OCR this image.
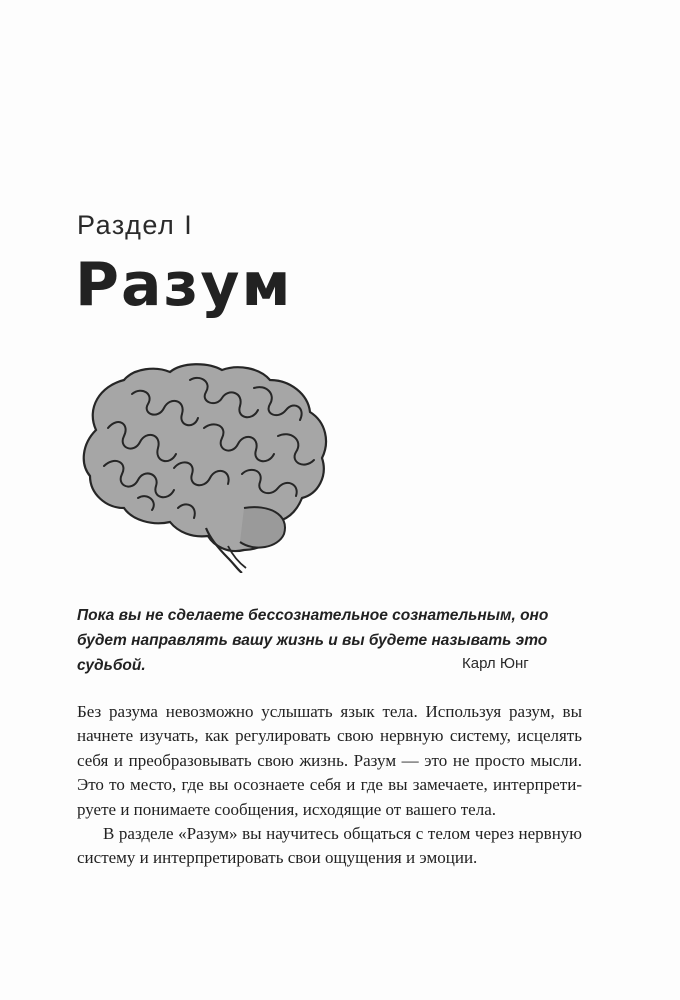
Раздел I
Разум

Пока вы не сделаете бессознательное сознательным, оно будет направлять вашу жизнь и вы будете называть это судьбой.	Карл Юнг

Без разума невозможно услышать язык тела. Используя разум, вы начнете изучать, как регулировать свою нервную систему, исцелять себя и преобразовывать свою жизнь. Разум — это не просто мысли. Это то место, где вы осознаете себя и где вы замечаете, интерпретируете и понимаете сообщения, исходящие от вашего тела.

В разделе «Разум» вы научитесь общаться с телом через нервную систему и интерпретировать свои ощущения и эмоции.
